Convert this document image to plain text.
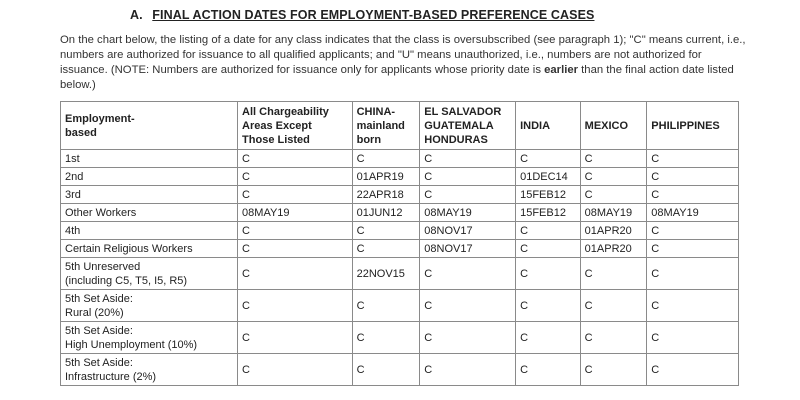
A. FINAL ACTION DATES FOR EMPLOYMENT-BASED PREFERENCE CASES
On the chart below, the listing of a date for any class indicates that the class is oversubscribed (see paragraph 1); "C" means current, i.e., numbers are authorized for issuance to all qualified applicants; and "U" means unauthorized, i.e., numbers are not authorized for issuance. (NOTE: Numbers are authorized for issuance only for applicants whose priority date is earlier than the final action date listed below.)
Employment-
based	All Chargeability
Areas Except
Those Listed	CHINA-
mainland
born	EL SALVADOR
GUATEMALA
HONDURAS	INDIA	MEXICO	PHILIPPINES
1st	C	C	C	C	C	C
2nd	C	01APR19	C	01DEC14	C	C
3rd	C	22APR18	C	15FEB12	C	C
Other Workers	08MAY19	01JUN12	08MAY19	15FEB12	08MAY19	08MAY19
4th	C	C	08NOV17	C	01APR20	C
Certain Religious Workers	C	C	08NOV17	C	01APR20	C
5th Unreserved
(including C5, T5, I5, R5)	C	22NOV15	C	C	C	C
5th Set Aside:
Rural (20%)	C	C	C	C	C	C
5th Set Aside:
High Unemployment (10%)	C	C	C	C	C	C
5th Set Aside:
Infrastructure (2%)	C	C	C	C	C	C
